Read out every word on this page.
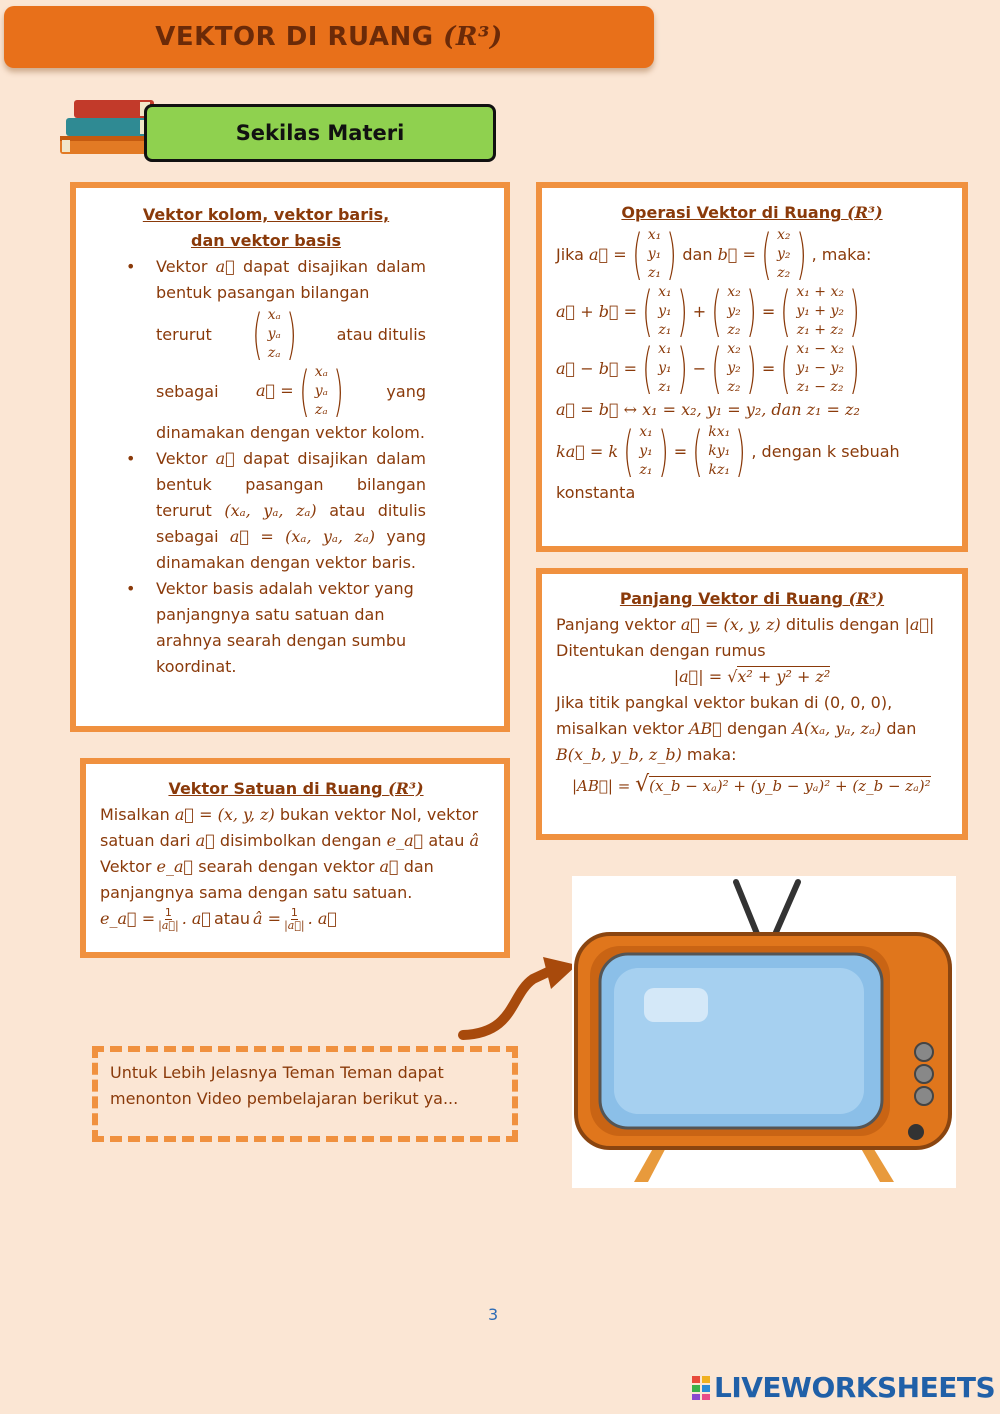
VEKTOR DI RUANG (R³)
Sekilas Materi
Vektor kolom, vektor baris,
dan vektor basis
• Vektor a⃗ dapat disajikan dalam bentuk pasangan bilangan
terurut ( xₐ
yₐ
zₐ )	atau ditulis
sebagai a⃗ = ( xₐ
yₐ
zₐ )	yang
dinamakan dengan vektor kolom.
• Vektor a⃗ dapat disajikan dalam bentuk pasangan bilangan terurut (xₐ, yₐ, zₐ) atau ditulis sebagai a⃗ = (xₐ, yₐ, zₐ) yang dinamakan dengan vektor baris.
• Vektor basis adalah vektor yang panjangnya satu satuan dan arahnya searah dengan sumbu koordinat.
Operasi Vektor di Ruang (R³)
Jika
a⃗ = ( x₁
y₁
z₁ ) dan
b⃗ = ( x₂
y₂
z₂ ) , maka:
a⃗ + b⃗ = ( x₁
y₁
z₁ ) + ( x₂
y₂
z₂ ) = ( x₁ + x₂
y₁ + y₂
z₁ + z₂ )
a⃗ − b⃗ = ( x₁
y₁
z₁ ) − ( x₂
y₂
z₂ ) = ( x₁ − x₂
y₁ − y₂
z₁ − z₂ )
a⃗ = b⃗ ↔ x₁ = x₂, y₁ = y₂, dan z₁ = z₂
ka⃗ = k ( x₁
y₁
z₁ ) = ( kx₁
ky₁
kz₁ ) , dengan k sebuah
konstanta
Panjang Vektor di Ruang (R³)
Panjang vektor a⃗ = (x, y, z) ditulis dengan |a⃗|
Ditentukan dengan rumus
|a⃗| = √x² + y² + z²
Jika titik pangkal vektor bukan di (0, 0, 0),
misalkan vektor AB⃗ dengan A(xₐ, yₐ, zₐ) dan
B(x_b, y_b, z_b) maka:
|AB⃗| = √(x_b − xₐ)² + (y_b − yₐ)² + (z_b − zₐ)²
Vektor Satuan di Ruang (R³)
Misalkan a⃗ = (x, y, z) bukan vektor Nol, vektor
satuan dari a⃗ disimbolkan dengan e_a⃗ atau â
Vektor e_a⃗ searah dengan vektor a⃗ dan
panjangnya sama dengan satu satuan.
e_a⃗ = $\frac{1}{|a⃗|}$ . a⃗ atau â = $\frac{1}{|a⃗|}$ . a⃗
Untuk Lebih Jelasnya Teman Teman dapat
menonton Video pembelajaran berikut ya...
3
LIVEWORKSHEETS
